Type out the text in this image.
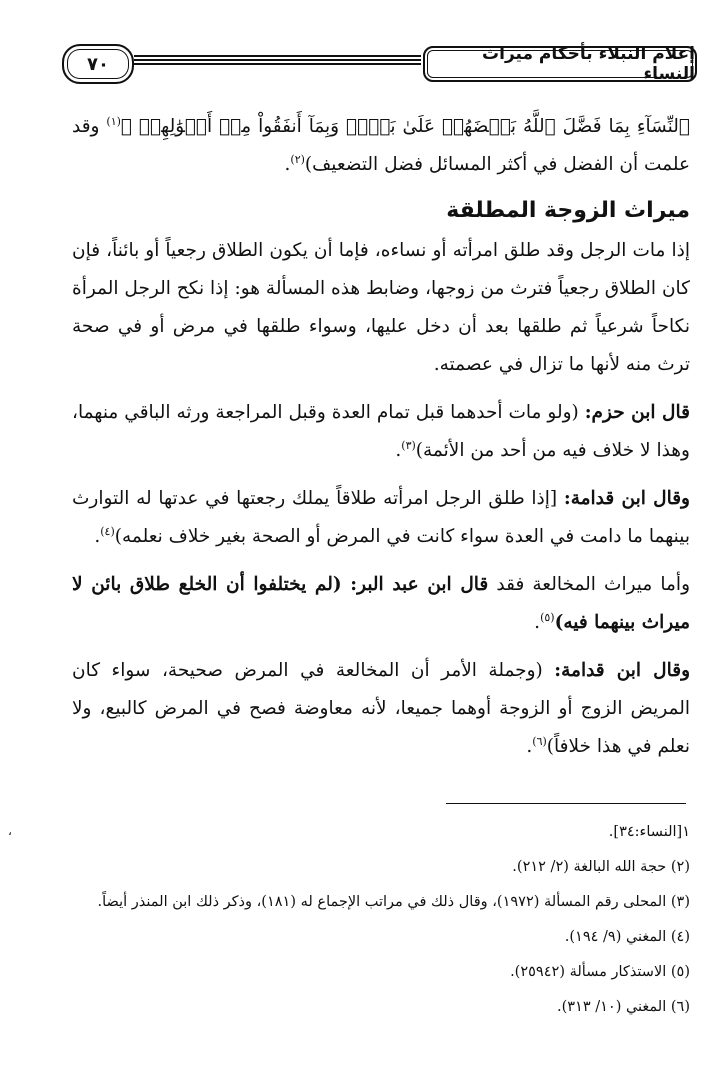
٧٠	إعلام النبلاء بأحكام ميراث النساء

ﭐﻟﻨِّﺴَﺎٓءِ بِمَا فَضَّلَ ٱللَّهُ بَعۡضَهُمۡ عَلَىٰ بَعۡضٖ وَبِمَآ أَنفَقُواْ مِنۡ أَمۡوَٰلِهِمۡ ﴾$^{(١)}$ وقد علمت أن الفضل في أكثر المسائل فضل التضعيف)$^{(٢)}$.

ميراث الزوجة المطلقة

إذا مات الرجل وقد طلق امرأته أو نساءه، فإما أن يكون الطلاق رجعياً أو بائناً، فإن كان الطلاق رجعياً فترث من زوجها، وضابط هذه المسألة هو: إذا نكح الرجل المرأة نكاحاً شرعياً ثم طلقها بعد أن دخل عليها، وسواء طلقها في مرض أو في صحة ترث منه لأنها ما تزال في عصمته.

قال ابن حزم: (ولو مات أحدهما قبل تمام العدة وقبل المراجعة ورثه الباقي منهما، وهذا لا خلاف فيه من أحد من الأئمة)$^{(٣)}$.

وقال ابن قدامة: [إذا طلق الرجل امرأته طلاقاً يملك رجعتها في عدتها له التوارث بينهما ما دامت في العدة سواء كانت في المرض أو الصحة بغير خلاف نعلمه)$^{(٤)}$.

وأما ميراث المخالعة فقد قال ابن عبد البر: (لم يختلفوا أن الخلع طلاق بائن لا ميراث بينهما فيه)$^{(٥)}$.

وقال ابن قدامة: (وجملة الأمر أن المخالعة في المرض صحيحة، سواء كان المريض الزوج أو الزوجة أوهما جميعا، لأنه معاوضة فصح في المرض كالبيع، ولا نعلم في هذا خلافاً)$^{(٦)}$.

١[النساء:٣٤].
(٢) حجة الله البالغة (٢/ ٢١٢).
(٣) المحلى رقم المسألة (١٩٧٢)، وقال ذلك في مراتب الإجماع له (١٨١)، وذكر ذلك ابن المنذر أيضاً.
(٤) المغني (٩/ ١٩٤).
(٥) الاستذكار مسألة (٢٥٩٤٢).
(٦) المغني (١٠/ ٣١٣).
،
